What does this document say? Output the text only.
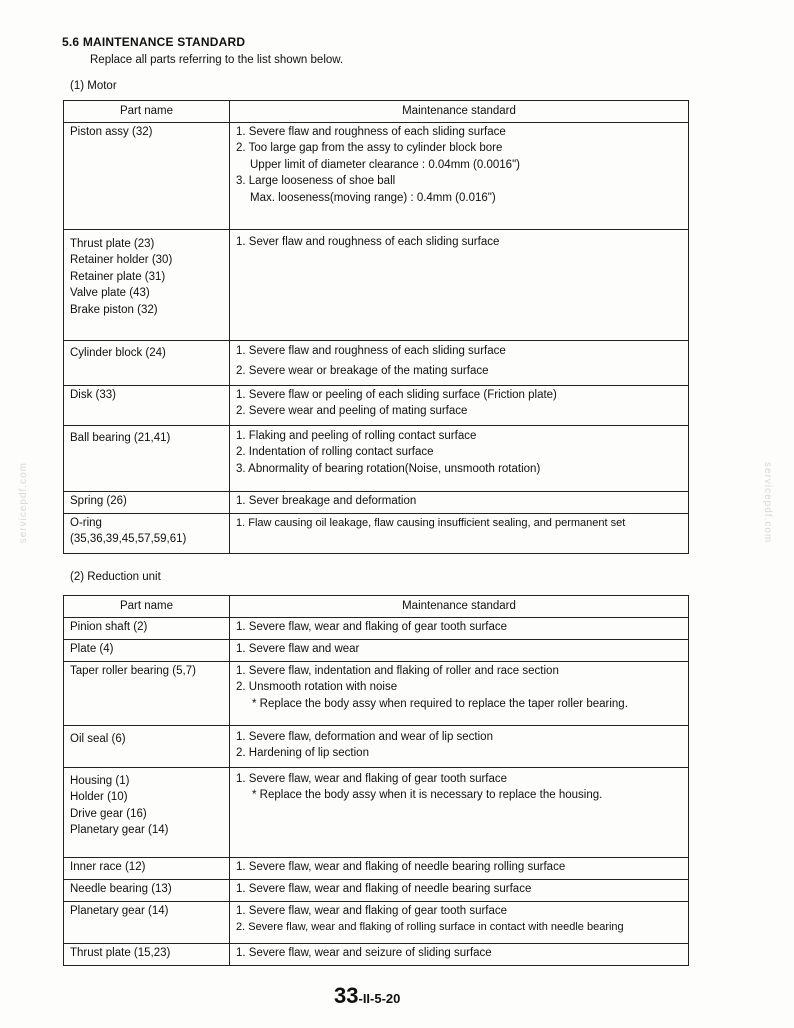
5.6 MAINTENANCE STANDARD
Replace all parts referring to the list shown below.
(1) Motor
Part name	Maintenance standard

Piston assy (32)	1. Severe flaw and roughness of each sliding surface
2. Too large gap from the assy to cylinder block bore
Upper limit of diameter clearance : 0.04mm (0.0016")
3. Large looseness of shoe ball
Max. looseness(moving range) : 0.4mm (0.016")

Thrust plate (23)
Retainer holder (30)
Retainer plate (31)
Valve plate (43)
Brake piston (32)	1. Sever flaw and roughness of each sliding surface

Cylinder block (24)	1. Severe flaw and roughness of each sliding surface
2. Severe wear or breakage of the mating surface

Disk (33)	1. Severe flaw or peeling of each sliding surface (Friction plate)
2. Severe wear and peeling of mating surface

Ball bearing (21,41)	1. Flaking and peeling of rolling contact surface
2. Indentation of rolling contact surface
3. Abnormality of bearing rotation(Noise, unsmooth rotation)

Spring (26)	1. Sever breakage and deformation

O-ring
(35,36,39,45,57,59,61)	1. Flaw causing oil leakage, flaw causing insufficient sealing, and permanent set
(2) Reduction unit
Part name	Maintenance standard

Pinion shaft (2)	1. Severe flaw, wear and flaking of gear tooth surface

Plate (4)	1. Severe flaw and wear

Taper roller bearing (5,7)	1. Severe flaw, indentation and flaking of roller and race section
2. Unsmooth rotation with noise
* Replace the body assy when required to replace the taper roller bearing.

Oil seal (6)	1. Severe flaw, deformation and wear of lip section
2. Hardening of lip section

Housing (1)
Holder (10)
Drive gear (16)
Planetary gear (14)	1. Severe flaw, wear and flaking of gear tooth surface
* Replace the body assy when it is necessary to replace the housing.

Inner race (12)	1. Severe flaw, wear and flaking of needle bearing rolling surface

Needle bearing (13)	1. Severe flaw, wear and flaking of needle bearing surface

Planetary gear (14)	1. Severe flaw, wear and flaking of gear tooth surface
2. Severe flaw, wear and flaking of rolling surface in contact with needle bearing

Thrust plate (15,23)	1. Severe flaw, wear and seizure of sliding surface
servicepdf.com	servicepdf.com
33-II-5-20
